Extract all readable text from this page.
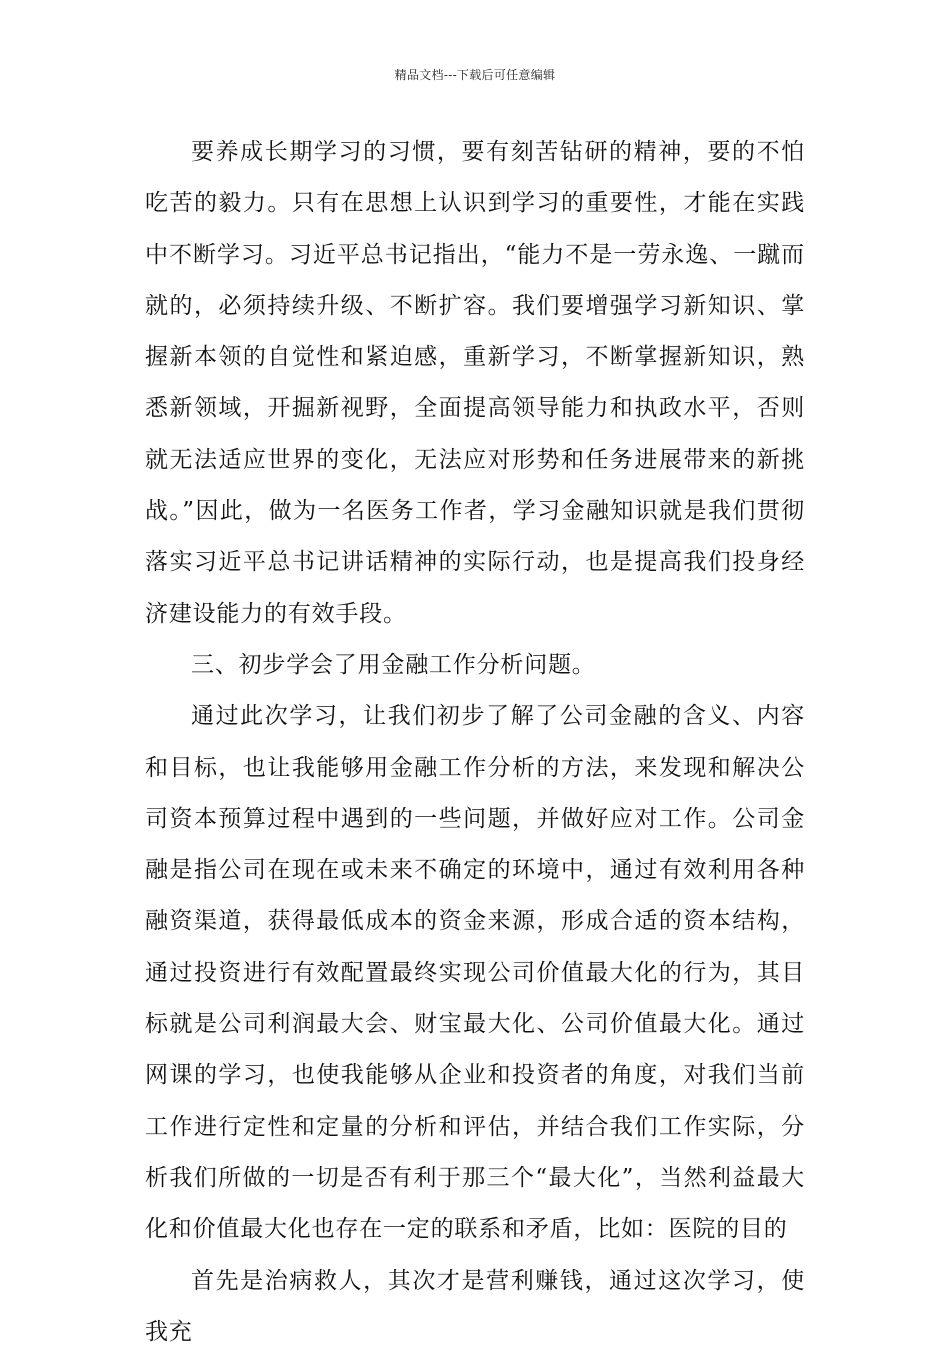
精品文档---下载后可任意编辑

要养成长期学习的习惯，要有刻苦钻研的精神，要的不怕吃苦的毅力。只有在思想上认识到学习的重要性，才能在实践中不断学习。习近平总书记指出，“能力不是一劳永逸、一蹴而就的，必须持续升级、不断扩容。我们要增强学习新知识、掌握新本领的自觉性和紧迫感，重新学习，不断掌握新知识，熟悉新领域，开掘新视野，全面提高领导能力和执政水平，否则就无法适应世界的变化，无法应对形势和任务进展带来的新挑战。”因此，做为一名医务工作者，学习金融知识就是我们贯彻落实习近平总书记讲话精神的实际行动，也是提高我们投身经济建设能力的有效手段。

三、初步学会了用金融工作分析问题。

通过此次学习，让我们初步了解了公司金融的含义、内容和目标，也让我能够用金融工作分析的方法，来发现和解决公司资本预算过程中遇到的一些问题，并做好应对工作。公司金融是指公司在现在或未来不确定的环境中，通过有效利用各种融资渠道，获得最低成本的资金来源，形成合适的资本结构，通过投资进行有效配置最终实现公司价值最大化的行为，其目标就是公司利润最大会、财宝最大化、公司价值最大化。通过网课的学习，也使我能够从企业和投资者的角度，对我们当前工作进行定性和定量的分析和评估，并结合我们工作实际，分析我们所做的一切是否有利于那三个“最大化”，当然利益最大化和价值最大化也存在一定的联系和矛盾，比如：医院的目的

首先是治病救人，其次才是营利赚钱，通过这次学习，使我充
